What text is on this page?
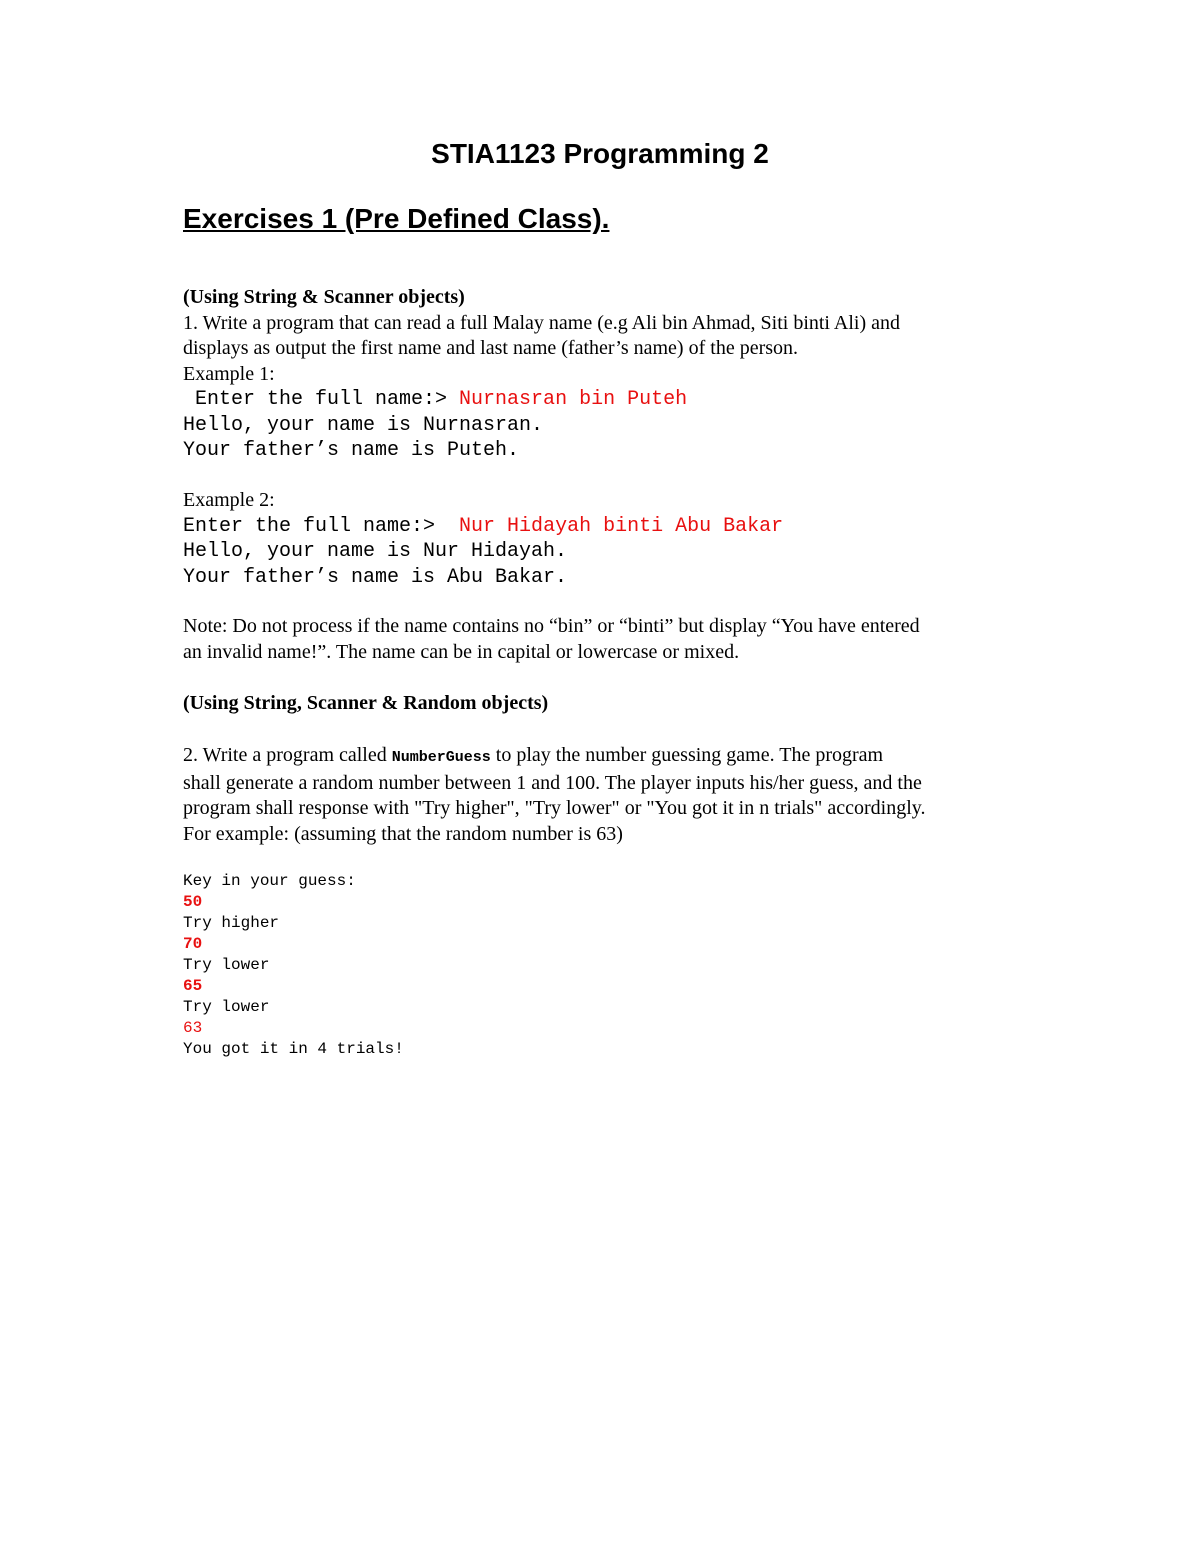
STIA1123 Programming 2
Exercises 1 (Pre Defined Class).

(Using String & Scanner objects)

1. Write a program that can read a full Malay name (e.g Ali bin Ahmad, Siti binti Ali) and

displays as output the first name and last name (father’s name) of the person.

Example 1:

Enter the full name:> Nurnasran bin Puteh

Hello, your name is Nurnasran.

Your father’s name is Puteh.

Example 2:

Enter the full name:>  Nur Hidayah binti Abu Bakar

Hello, your name is Nur Hidayah.

Your father’s name is Abu Bakar.

Note: Do not process if the name contains no “bin” or “binti” but display “You have entered

an invalid name!”. The name can be in capital or lowercase or mixed.

(Using String, Scanner & Random objects)

2. Write a program called NumberGuess to play the number guessing game. The program

shall generate a random number between 1 and 100. The player inputs his/her guess, and the

program shall response with "Try higher", "Try lower" or "You got it in n trials" accordingly.

For example: (assuming that the random number is 63)

Key in your guess:

50

Try higher

70

Try lower

65

Try lower

63

You got it in 4 trials!
